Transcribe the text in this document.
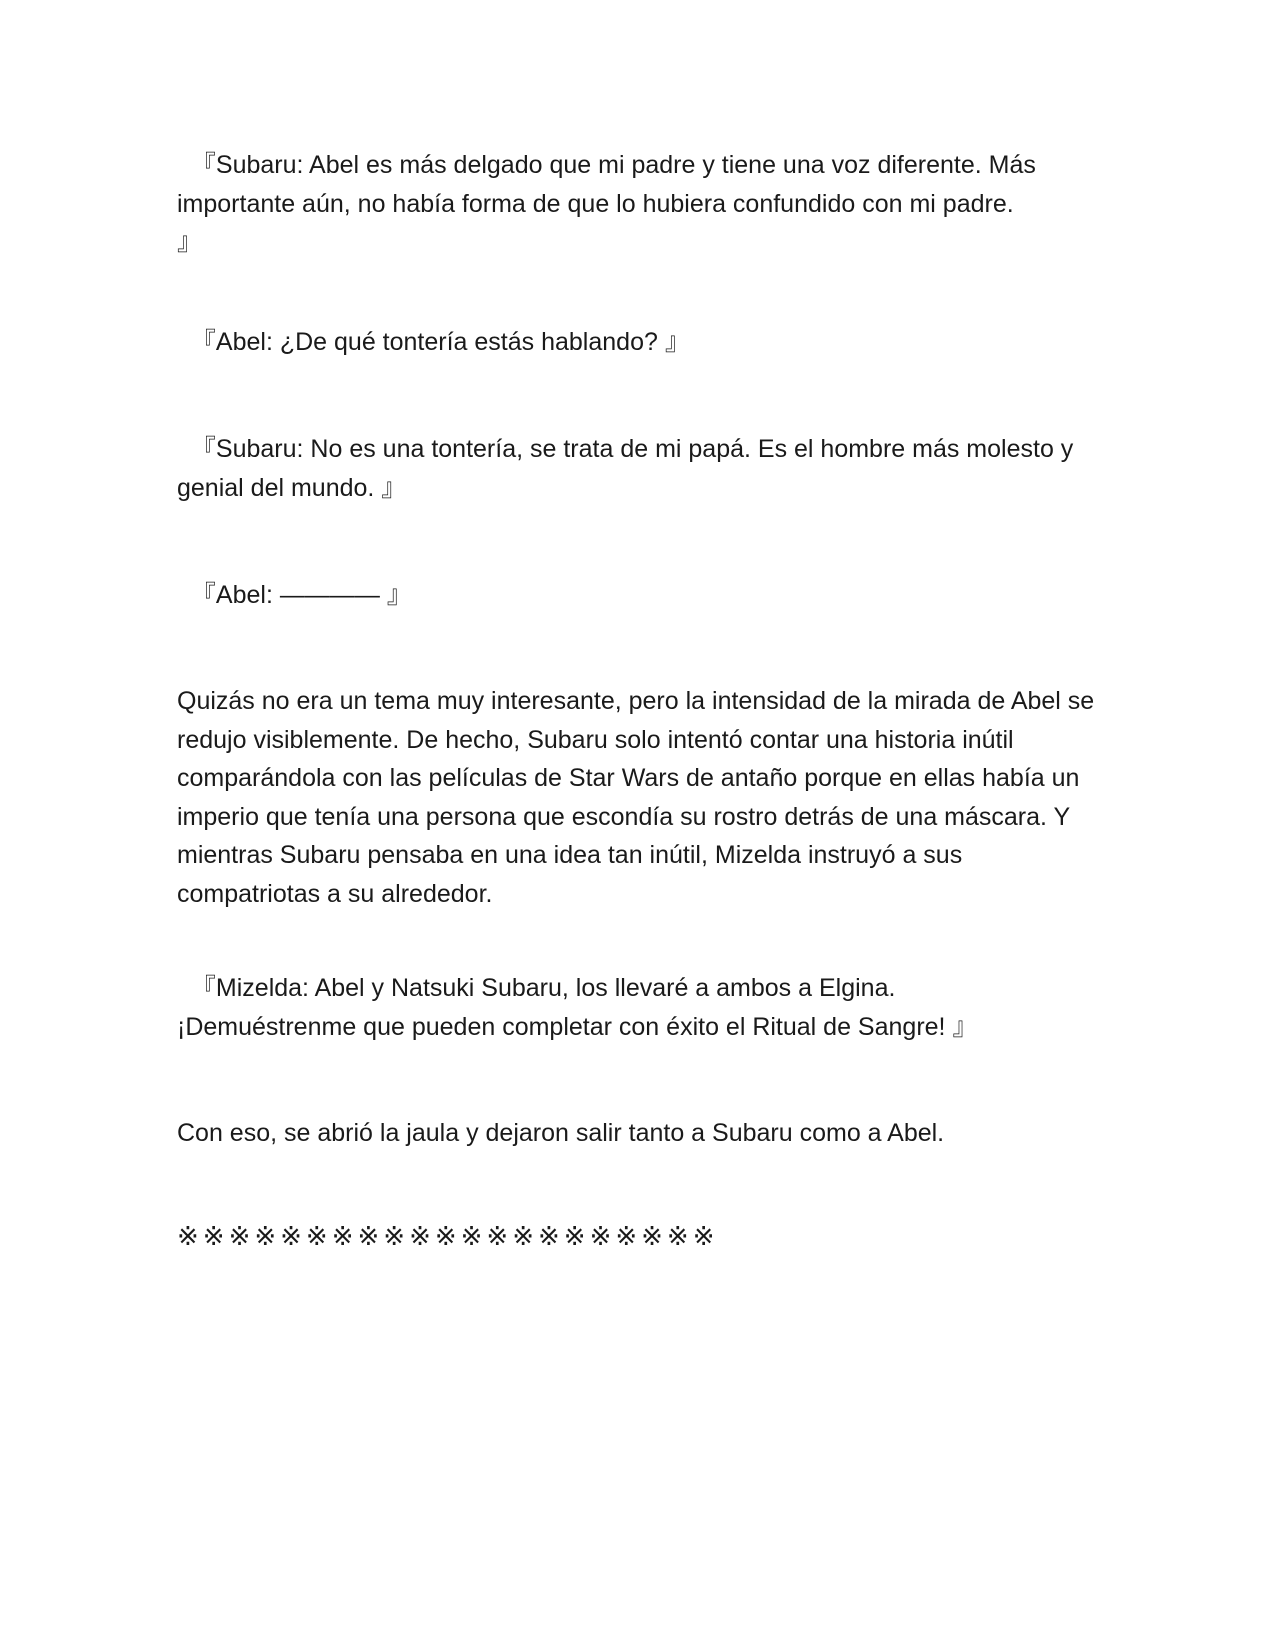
『Subaru: Abel es más delgado que mi padre y tiene una voz diferente. Más importante aún, no había forma de que lo hubiera confundido con mi padre.
』

『Abel: ¿De qué tontería estás hablando? 』

『Subaru: No es una tontería, se trata de mi papá. Es el hombre más molesto y genial del mundo. 』

『Abel: ———— 』

Quizás no era un tema muy interesante, pero la intensidad de la mirada de Abel se redujo visiblemente. De hecho, Subaru solo intentó contar una historia inútil comparándola con las películas de Star Wars de antaño porque en ellas había un imperio que tenía una persona que escondía su rostro detrás de una máscara. Y mientras Subaru pensaba en una idea tan inútil, Mizelda instruyó a sus compatriotas a su alrededor.

『Mizelda: Abel y Natsuki Subaru, los llevaré a ambos a Elgina.
¡Demuéstrenme que pueden completar con éxito el Ritual de Sangre! 』

Con eso, se abrió la jaula y dejaron salir tanto a Subaru como a Abel.

※※※※※※※※※※※※※※※※※※※※※
